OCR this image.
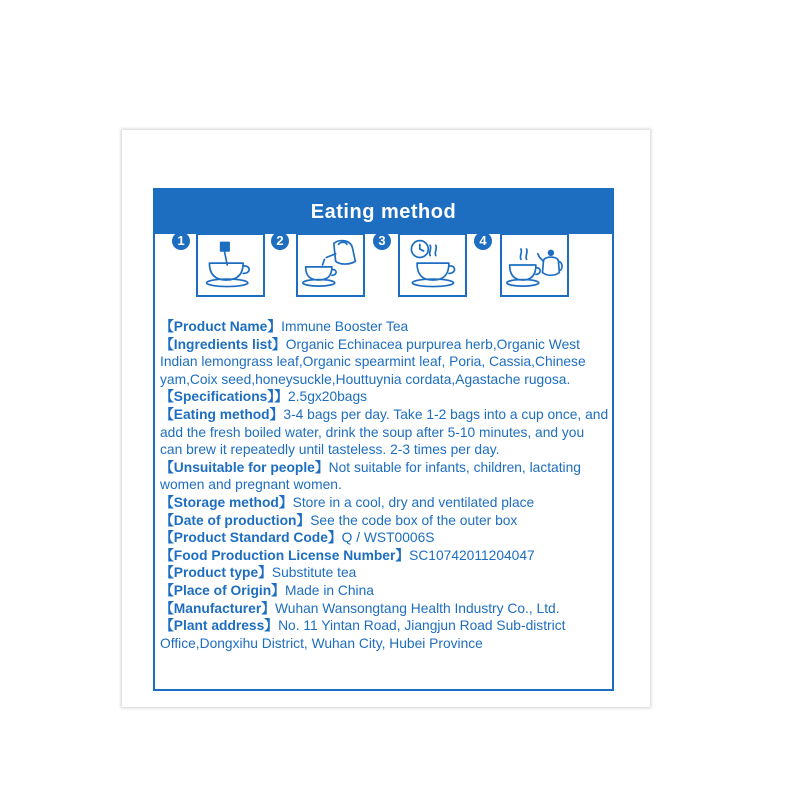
Eating method
1	2	3	4

【Product Name】Immune Booster Tea

【Ingredients list】Organic Echinacea purpurea herb,Organic West Indian lemongrass leaf,Organic spearmint leaf, Poria, Cassia,Chinese yam,Coix seed,honeysuckle,Houttuynia cordata,Agastache rugosa.

【Specifications】】2.5gx20bags

【Eating method】3-4 bags per day. Take 1-2 bags into a cup once, and add the fresh boiled water, drink the soup after 5-10 minutes, and you can brew it repeatedly until tasteless. 2-3 times per day.

【Unsuitable for people】Not suitable for infants, children, lactating women and pregnant women.

【Storage method】Store in a cool, dry and ventilated place

【Date of production】See the code box of the outer box

【Product Standard Code】Q / WST0006S

【Food Production License Number】SC10742011204047

【Product type】Substitute tea

【Place of Origin】Made in China

【Manufacturer】Wuhan Wansongtang Health Industry Co., Ltd.

【Plant address】No. 11 Yintan Road, Jiangjun Road Sub-district Office,Dongxihu District, Wuhan City, Hubei Province
